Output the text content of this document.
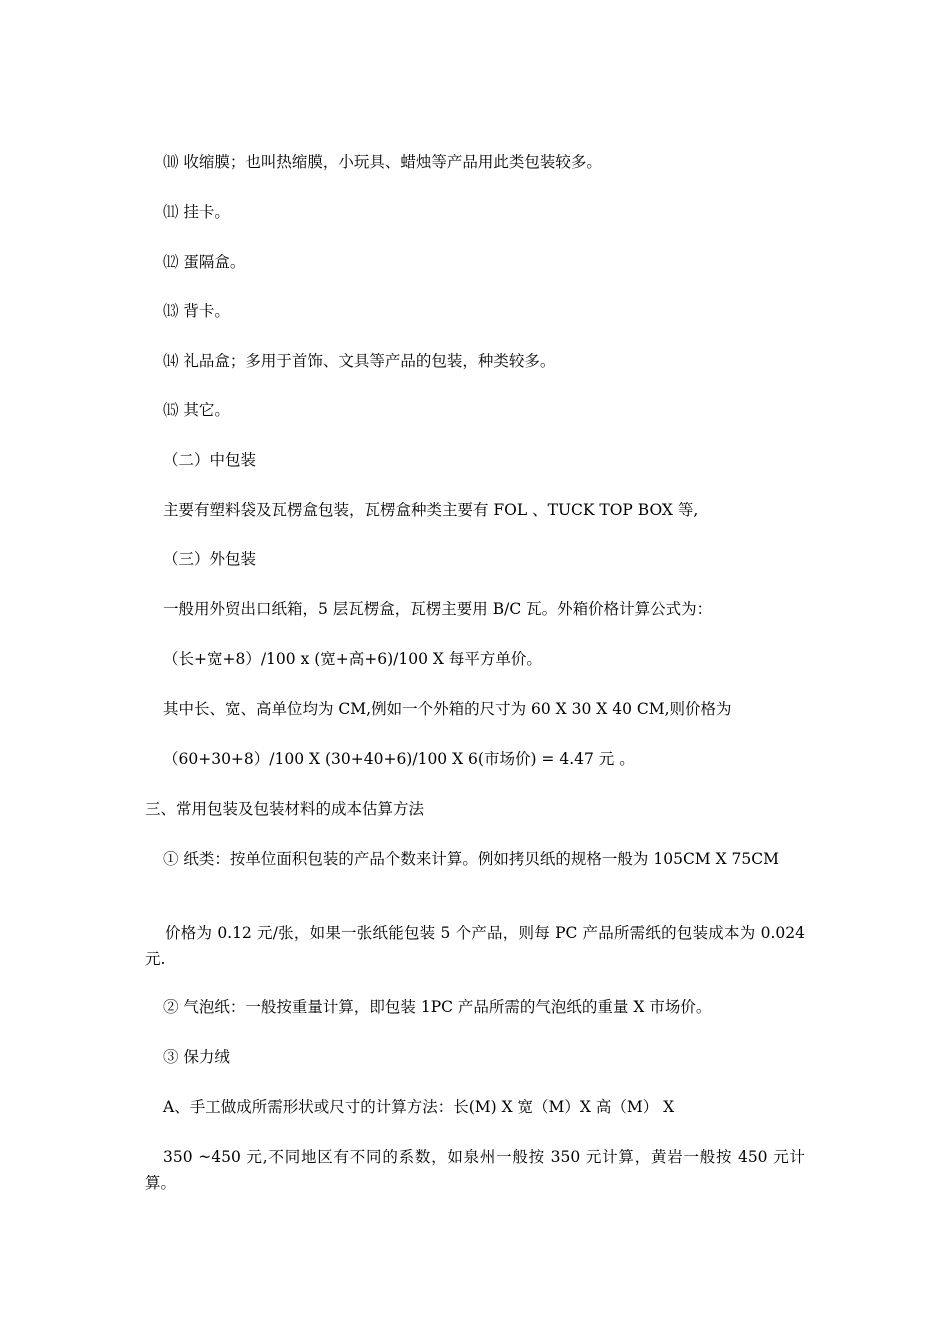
⑽ 收缩膜；也叫热缩膜，小玩具、蜡烛等产品用此类包装较多。
⑾ 挂卡。
⑿ 蛋隔盒。
⒀ 背卡。
⒁ 礼品盒；多用于首饰、文具等产品的包装，种类较多。
⒂ 其它。
（二）中包装
主要有塑料袋及瓦楞盒包装，瓦楞盒种类主要有 FOL 、TUCK TOP BOX 等,
（三）外包装
一般用外贸出口纸箱，5 层瓦楞盒，瓦楞主要用 B/C 瓦。外箱价格计算公式为：
（长+宽+8）/100 x (宽+高+6)/100 X 每平方单价。
其中长、宽、高单位均为 CM,例如一个外箱的尺寸为 60 X 30 X 40 CM,则价格为
（60+30+8）/100 X (30+40+6)/100 X 6(市场价) = 4.47 元 。
三、常用包装及包装材料的成本估算方法
① 纸类：按单位面积包装的产品个数来计算。例如拷贝纸的规格一般为 105CM X 75CM
价格为 0.12 元/张，如果一张纸能包装 5 个产品，则每 PC 产品所需纸的包装成本为 0.024 元.
② 气泡纸：一般按重量计算，即包装 1PC 产品所需的气泡纸的重量 X 市场价。
③ 保力绒
A、手工做成所需形状或尺寸的计算方法：长(M) X 宽（M）X 高（M） X
350 ~450 元,不同地区有不同的系数，如泉州一般按 350 元计算，黄岩一般按 450 元计算。
